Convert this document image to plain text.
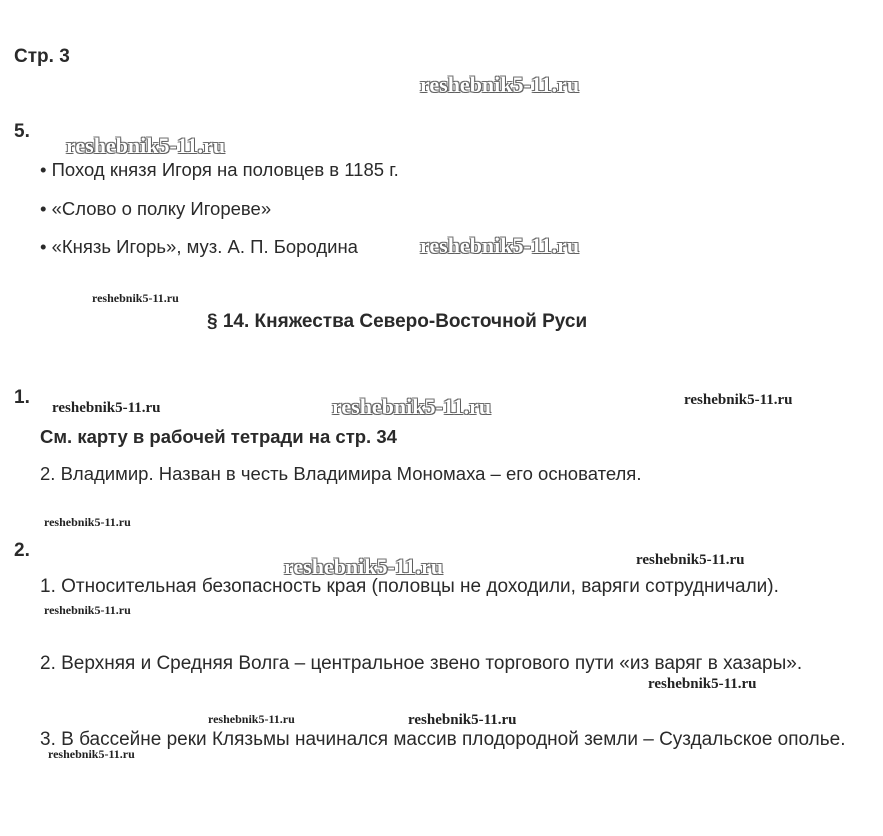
Стр. 3
5.
• Поход князя Игоря на половцев в 1185 г.
• «Слово о полку Игореве»
• «Князь Игорь», муз. А. П. Бородина
§ 14. Княжества Северо-Восточной Руси
1.
См. карту в рабочей тетради на стр. 34
2. Владимир. Назван в честь Владимира Мономаха – его основателя.
2.
1. Относительная безопасность края (половцы не доходили, варяги сотрудничали).
2. Верхняя и Средняя Волга – центральное звено торгового пути «из варяг в хазары».
3. В бассейне реки Клязьмы начинался массив плодородной земли – Суздальское ополье.
reshebnik5-11.ru
reshebnik5-11.ru
reshebnik5-11.ru
reshebnik5-11.ru
reshebnik5-11.ru
reshebnik5-11.ru	reshebnik5-11.ru
reshebnik5-11.ru
reshebnik5-11.ru	reshebnik5-11.ru
reshebnik5-11.ru
reshebnik5-11.ru
reshebnik5-11.ru	reshebnik5-11.ru
reshebnik5-11.ru
